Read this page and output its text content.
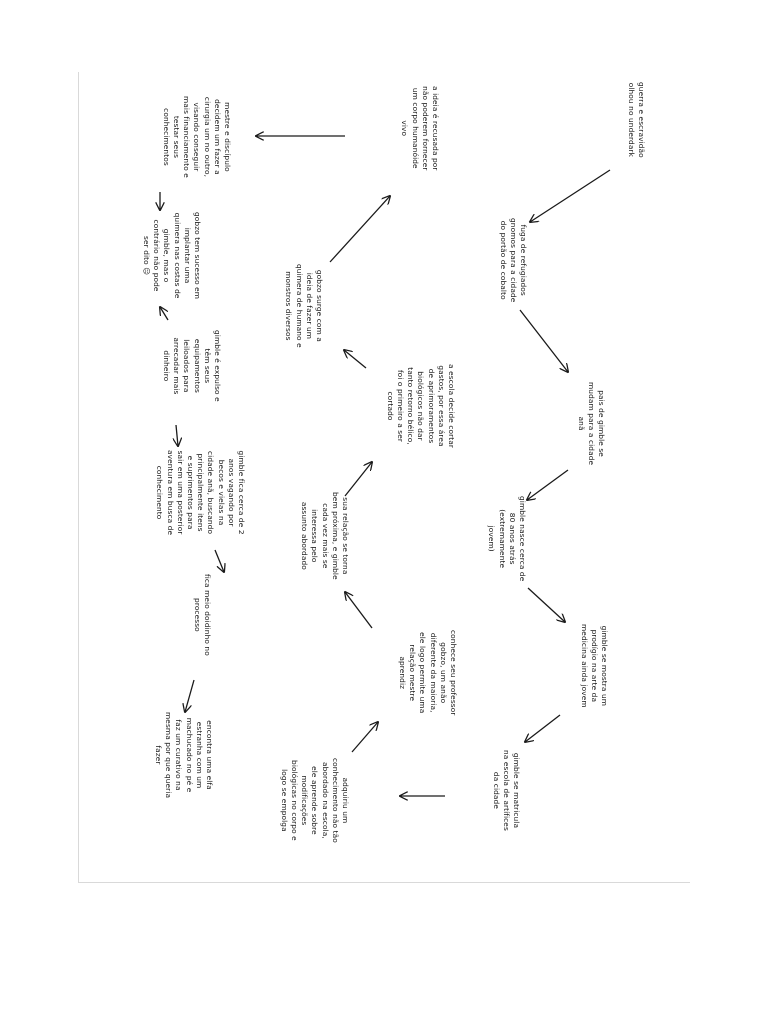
guerra e escravidão
olhou no underdark
fuga de refugiados
gnomos para a cidade
do portão de cobalto
pais de gimble se
mudam para a cidade
anã
gimble nasce cerca de
80 anos atrás
(extremamente
jovem)
gimble se mostra um
prodígio na arte da
medicina ainda jovem
gimble se matricula
na escola de artífices
da cidade
adquiriu um
conhecimento não tão
abordado na escola,
ele aprende sobre
modificações
biológicas no corpo e
logo se empolga
conhece seu professor
gobzo, um anão
diferente da maioria,
ele logo permite uma
relação mestre
aprendiz
sua relação se torna
bem próxima, e gimble
cada vez mais se
interessa pelo
assunto abordado
a escola decide cortar
gastos, por essa área
de aprimoramentos
biológicos não dar
tanto retorno bélico,
foi o primeiro a ser
cortado
gobzo surge com a
ideia de fazer um
quimera de humano e
monstros diversos
a ideia é recusada por
não poderem fornecer
um corpo humanóide
vivo
mestre e discípulo
decidem um fazer a
cirurgia um no outro,
visando conseguir
mais financiamento e
testar seus
conhecimentos
gobzo tem sucesso em
implantar uma
quimera nas costas de
gimble, mas o
contrário não pode
ser dito ☹
gimble é expulso e
têm seus
equipamentos
leiloados para
arrecadar mais
dinheiro
gimble fica cerca de 2
anos vagando por
becos e vielas na
cidade anã, buscando
principalmente itens
e suprimentos para
sair em uma posterior
aventura em busca de
conhecimento
fica meio doidinho no
processo
encontra uma elfa
estranha com um
machucado no pé e
faz um curativo na
mesma por que queria
fazer
